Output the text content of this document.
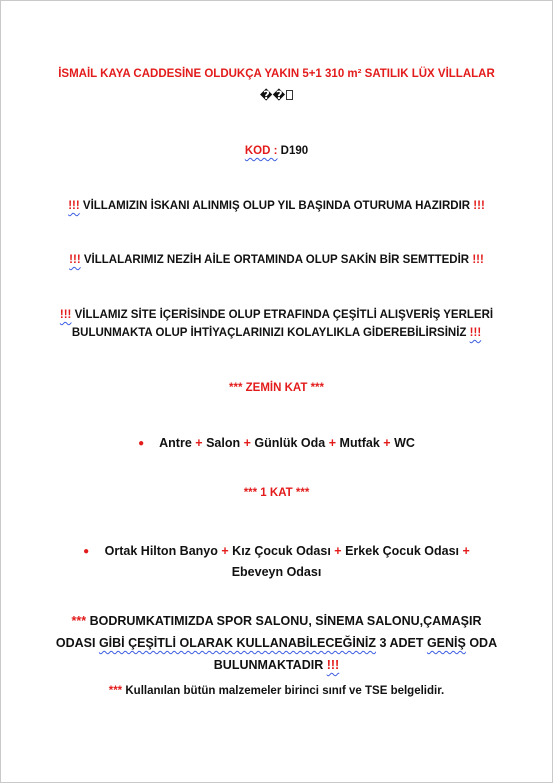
İSMAİL KAYA CADDESİNE OLDUKÇA YAKIN 5+1 310 m² SATILIK LÜX VİLLALAR
��
KOD : D190
!!! VİLLAMIZIN İSKANI ALINMIŞ OLUP YIL BAŞINDA OTURUMA HAZIRDIR !!!
!!! VİLLALARIMIZ NEZİH AİLE ORTAMINDA OLUP SAKİN BİR SEMTTEDİR !!!
!!! VİLLAMIZ SİTE İÇERİSİNDE OLUP ETRAFINDA ÇEŞİTLİ ALIŞVERİŞ YERLERİ
BULUNMAKTA OLUP İHTİYAÇLARINIZI KOLAYLIKLA GİDEREBİLİRSİNİZ !!!
*** ZEMİN KAT ***
● Antre + Salon + Günlük Oda + Mutfak + WC
*** 1 KAT ***
● Ortak Hilton Banyo + Kız Çocuk Odası + Erkek Çocuk Odası +
Ebeveyn Odası
*** BODRUMKATIMIZDA SPOR SALONU, SİNEMA SALONU,ÇAMAŞIR
ODASI GİBİ ÇEŞİTLİ OLARAK KULLANABİLECEĞİNİZ 3 ADET GENİŞ ODA
BULUNMAKTADIR !!!
*** Kullanılan bütün malzemeler birinci sınıf ve TSE belgelidir.
